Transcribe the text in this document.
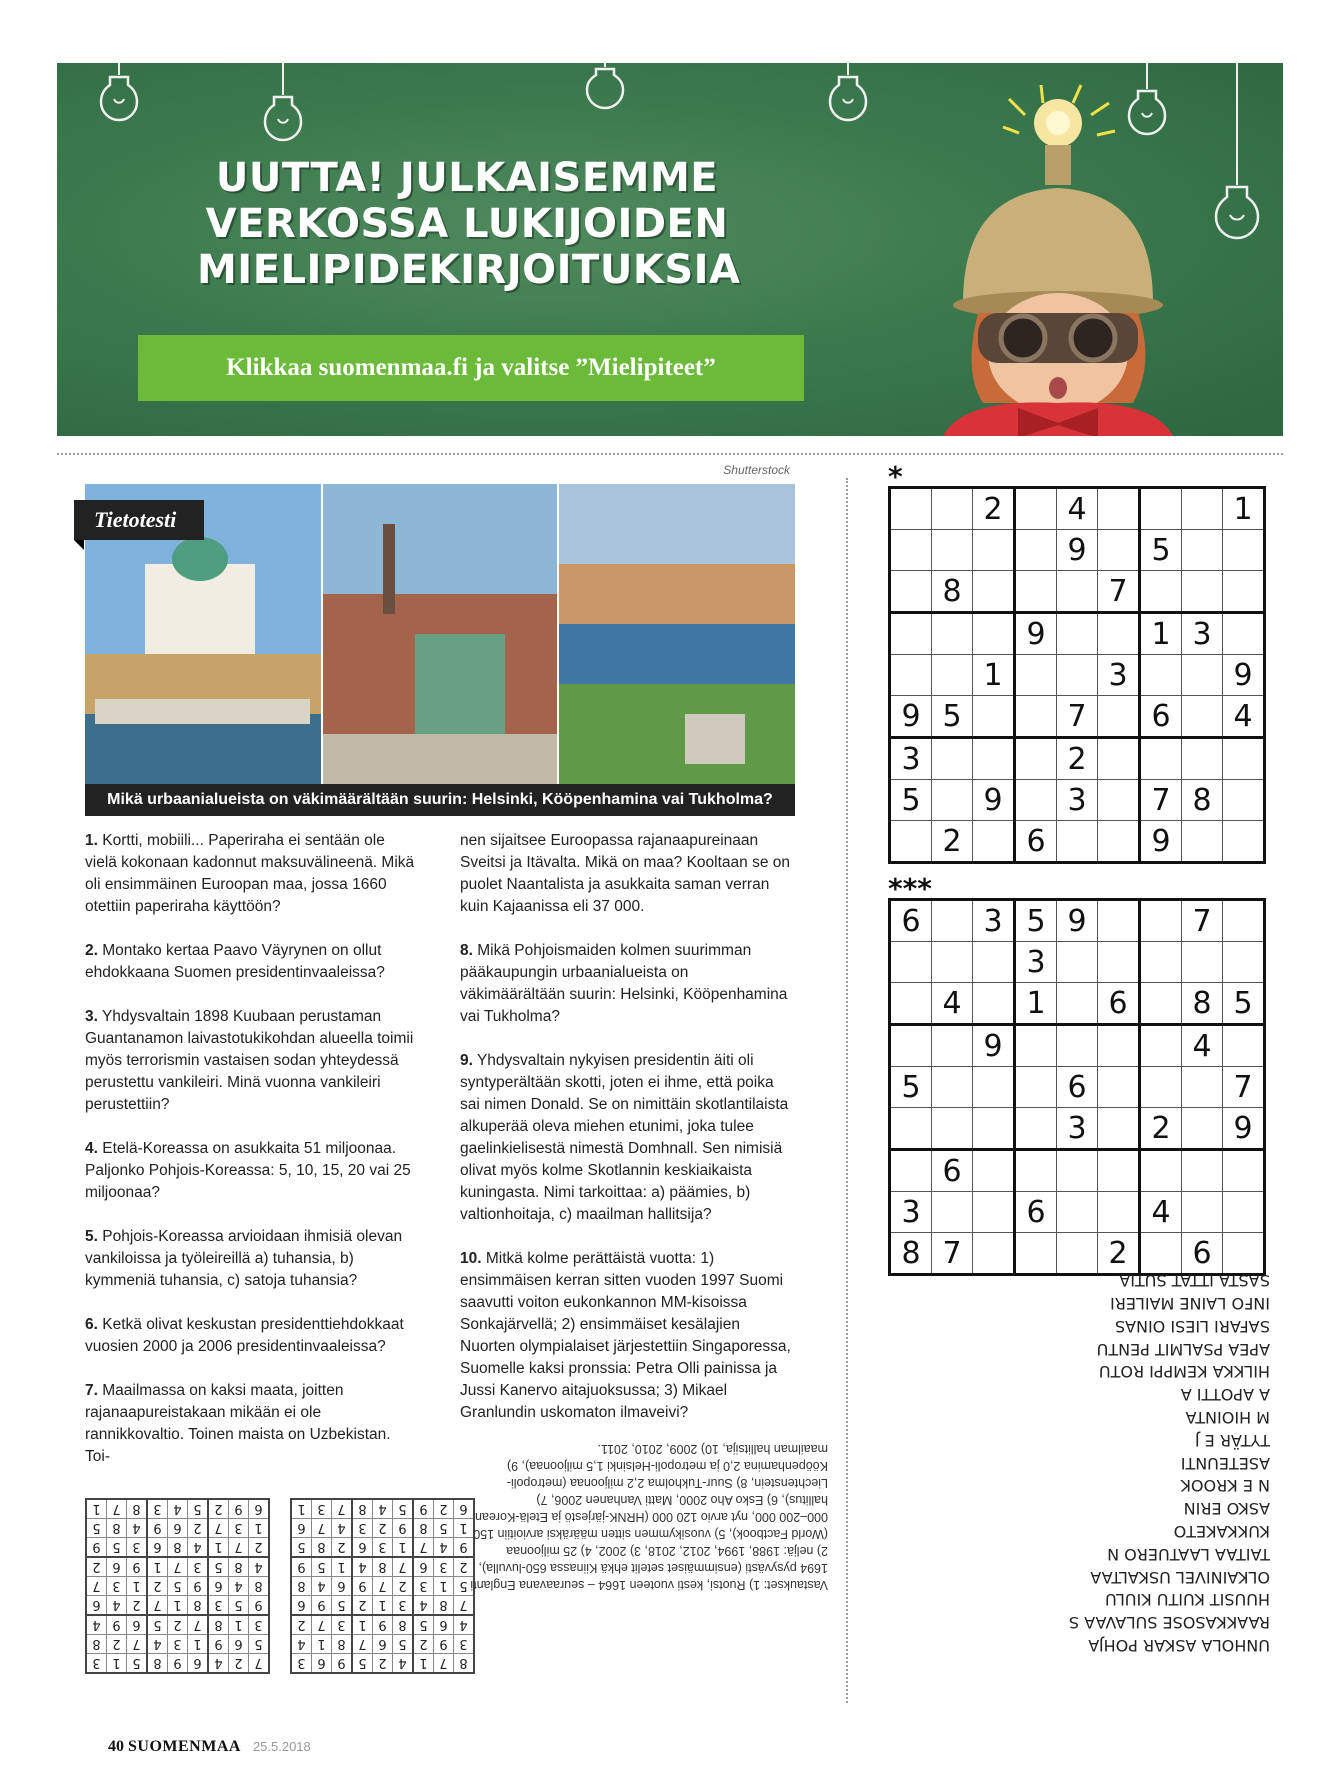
UUTTA! JULKAISEMME
VERKOSSA LUKIJOIDEN
MIELIPIDEKIRJOITUKSIA
Klikkaa suomenmaa.fi ja valitse ”Mielipiteet”
Shutterstock
Tietotesti
Mikä urbaanialueista on väkimäärältään suurin: Helsinki, Kööpenhamina vai Tukholma?

1. Kortti, mobiili... Paperiraha ei sentään ole vielä kokonaan kadonnut maksuvälineenä. Mikä oli ensimmäinen Euroopan maa, jossa 1660 otettiin paperiraha käyttöön?

2. Montako kertaa Paavo Väyrynen on ollut ehdokkaana Suomen presidentinvaaleissa?

3. Yhdysvaltain 1898 Kuubaan perustaman Guantanamon laivastotukikohdan alueella toimii myös terrorismin vastaisen sodan yhteydessä perustettu vankileiri. Minä vuonna vankileiri perustettiin?

4. Etelä-Koreassa on asukkaita 51 miljoonaa. Paljonko Pohjois-Koreassa: 5, 10, 15, 20 vai 25 miljoonaa?

5. Pohjois-Koreassa arvioidaan ihmisiä olevan vankiloissa ja työleireillä a) tuhansia, b) kymmeniä tuhansia, c) satoja tuhansia?

6. Ketkä olivat keskustan presidenttiehdokkaat vuosien 2000 ja 2006 presidentinvaaleissa?

7. Maailmassa on kaksi maata, joitten rajanaapureistakaan mikään ei ole rannikkovaltio. Toinen maista on Uzbekistan. Toi-

nen sijaitsee Euroopassa rajanaapureinaan Sveitsi ja Itävalta. Mikä on maa? Kooltaan se on puolet Naantalista ja asukkaita saman verran kuin Kajaanissa eli 37 000.

8. Mikä Pohjoismaiden kolmen suurimman pääkaupungin urbaanialueista on väkimäärältään suurin: Helsinki, Kööpenhamina vai Tukholma?

9. Yhdysvaltain nykyisen presidentin äiti oli syntyperältään skotti, joten ei ihme, että poika sai nimen Donald. Se on nimittäin skotlantilaista alkuperää oleva miehen etunimi, joka tulee gaelinkielisestä nimestä Domhnall. Sen nimisiä olivat myös kolme Skotlannin keskiaikaista kuningasta. Nimi tarkoittaa: a) päämies, b) valtionhoitaja, c) maailman hallitsija?

10. Mitkä kolme perättäistä vuotta: 1) ensimmäisen kerran sitten vuoden 1997 Suomi saavutti voiton eukonkannon MM-kisoissa Sonkajärvellä; 2) ensimmäiset kesälajien Nuorten olympialaiset järjestettiin Singaporessa, Suomelle kaksi pronssia: Petra Olli painissa ja Jussi Kanervo aitajuoksussa; 3) Mikael Granlundin uskomaton ilmaveivi?

7	2	4	6	9	8	5	1	3
5	6	9	1	3	4	7	2	8
3	1	8	7	2	5	6	9	4
9	5	3	8	1	7	2	4	6
8	4	6	9	5	2	1	3	7
4	8	5	3	7	1	9	6	2
2	7	1	4	8	6	3	5	9
1	3	7	2	6	9	4	8	5
6	9	2	5	4	3	8	7	1
8	7	1	4	2	5	9	6	3
3	9	2	5	6	7	8	1	4
4	6	5	8	9	1	3	7	2
7	8	4	3	1	2	5	9	6
5	1	3	2	7	9	6	4	8
2	3	6	7	8	4	1	5	9
9	4	7	1	3	6	2	8	5
1	5	8	9	2	3	4	7	6
6	2	9	5	4	8	7	3	1
Vastaukset: 1) Ruotsi, kesti vuoteen 1664 – seuraavana Englanti 1694 pysyvästi (ensimmäiset setelit ehkä Kiinassa 650-luvulla), 2) neljä: 1988, 1994, 2012, 2018, 3) 2002, 4) 25 miljoonaa (World Factbook), 5) vuosikymmen sitten määräksi arvioitiin 150 000–200 000, nyt arvio 120 000 (HRNK-järjestö ja Etelä-Korean hallitus), 6) Esko Aho 2000, Matti Vanhanen 2006, 7) Liechtenstein, 8) Suur-Tukholma 2,2 miljoonaa (metropoli-Kööpenhamina 2,0 ja metropoli-Helsinki 1,5 miljoonaa), 9) maailman hallitsija, 10) 2009, 2010, 2011.
*
		2		4				1
				9		5		
	8				7			
			9			1	3	
		1			3			9
9	5			7		6		4
3				2				
5		9		3		7	8	
	2		6			9		
***
6		3	5	9			7	
			3					
	4		1		6		8	5
		9					4	
5				6				7
				3		2		9
	6							
3			6			4		
8	7				2		6	
UNHOLA ASKAR POHJA
RAAKKASOSE SULAVAA S
HUUSIT KUITU KIULU
OLKAINIVEL USKALTAA
TAITAA LAATUERO N
KUKKAKETO
ASKO ERIN
N E KROOK
ASETEUNTI
TYTÄR E J
M HIOINTA
A APOTTI A
HILKKA KEMPPI ROTU
APEA PSALMIT PENTU
SAFARI LIESI OINAS
INFO LAINE MAILERI
SASTA ITTAT SUTIA
40 SUOMENMAA 25.5.2018
